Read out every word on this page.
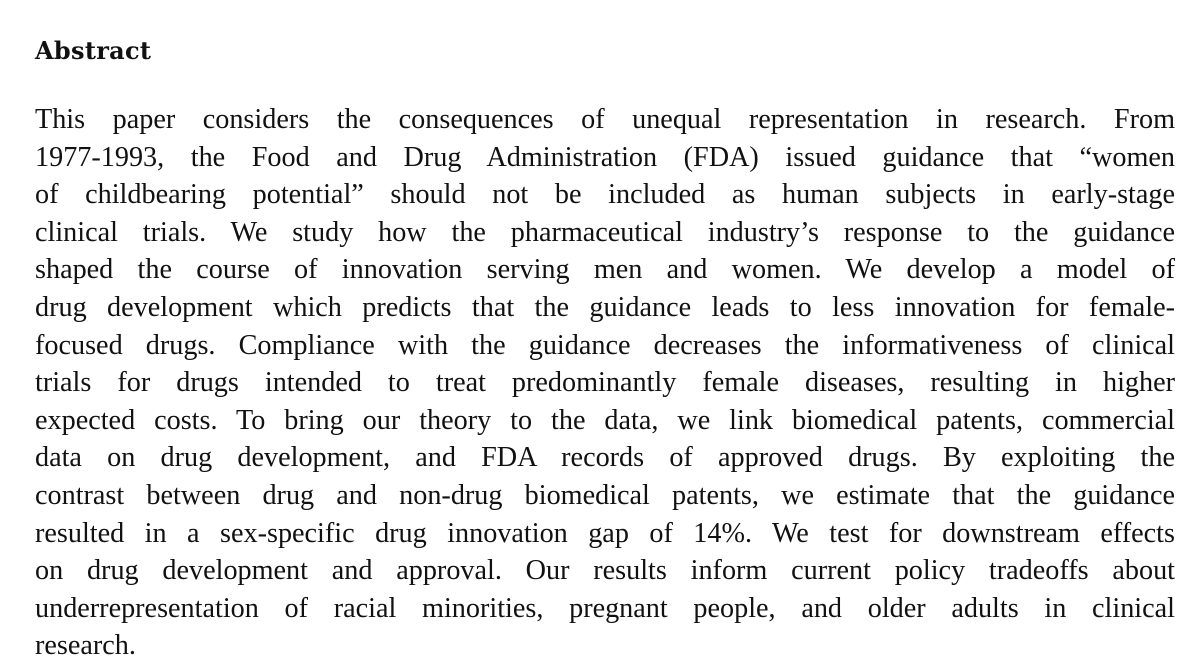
Abstract

This paper considers the consequences of unequal representation in research. From
1977-1993, the Food and Drug Administration (FDA) issued guidance that “women
of childbearing potential” should not be included as human subjects in early-stage
clinical trials. We study how the pharmaceutical industry’s response to the guidance
shaped the course of innovation serving men and women. We develop a model of
drug development which predicts that the guidance leads to less innovation for female-
focused drugs. Compliance with the guidance decreases the informativeness of clinical
trials for drugs intended to treat predominantly female diseases, resulting in higher
expected costs. To bring our theory to the data, we link biomedical patents, commercial
data on drug development, and FDA records of approved drugs. By exploiting the
contrast between drug and non-drug biomedical patents, we estimate that the guidance
resulted in a sex-specific drug innovation gap of 14%. We test for downstream effects
on drug development and approval. Our results inform current policy tradeoffs about
underrepresentation of racial minorities, pregnant people, and older adults in clinical
research.
